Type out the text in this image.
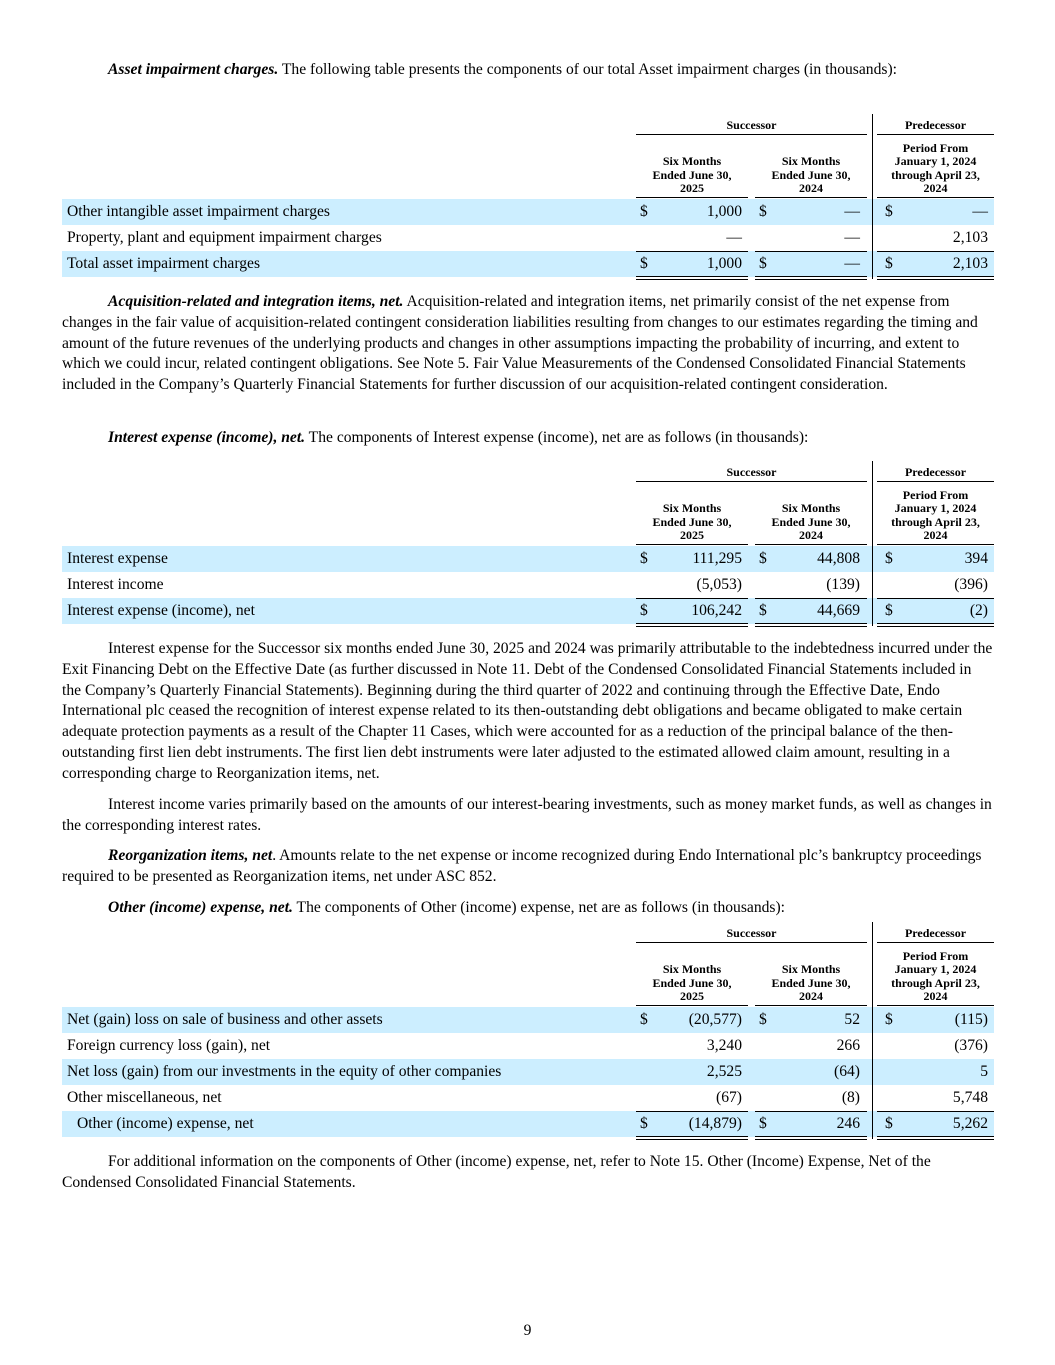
Asset impairment charges. The following table presents the components of our total Asset impairment charges (in thousands):

Successor	Predecessor
Six Months
Ended June 30,
2025
Six Months
Ended June 30,
2024
Period From
January 1, 2024
through April 23,
2024
Other intangible asset impairment charges	$	1,000 $	— $	—
Property, plant and equipment impairment charges	—	—	2,103
Total asset impairment charges	$	1,000 $	— $	2,103

Acquisition-related and integration items, net. Acquisition-related and integration items, net primarily consist of the net expense from changes in the fair value of acquisition-related contingent consideration liabilities resulting from changes to our estimates regarding the timing and amount of the future revenues of the underlying products and changes in other assumptions impacting the probability of incurring, and extent to which we could incur, related contingent obligations. See Note 5. Fair Value Measurements of the Condensed Consolidated Financial Statements included in the Company’s Quarterly Financial Statements for further discussion of our acquisition-related contingent consideration.

Interest expense (income), net. The components of Interest expense (income), net are as follows (in thousands):

Successor	Predecessor
Six Months
Ended June 30,
2025
Six Months
Ended June 30,
2024
Period From
January 1, 2024
through April 23,
2024
Interest expense	$	111,295 $	44,808 $	394
Interest income	(5,053)	(139)	(396)
Interest expense (income), net	$	106,242 $	44,669 $	(2)

Interest expense for the Successor six months ended June 30, 2025 and 2024 was primarily attributable to the indebtedness incurred under the Exit Financing Debt on the Effective Date (as further discussed in Note 11. Debt of the Condensed Consolidated Financial Statements included in the Company’s Quarterly Financial Statements). Beginning during the third quarter of 2022 and continuing through the Effective Date, Endo International plc ceased the recognition of interest expense related to its then-outstanding debt obligations and became obligated to make certain adequate protection payments as a result of the Chapter 11 Cases, which were accounted for as a reduction of the principal balance of the then-outstanding first lien debt instruments. The first lien debt instruments were later adjusted to the estimated allowed claim amount, resulting in a corresponding charge to Reorganization items, net.

Interest income varies primarily based on the amounts of our interest-bearing investments, such as money market funds, as well as changes in the corresponding interest rates.

Reorganization items, net. Amounts relate to the net expense or income recognized during Endo International plc’s bankruptcy proceedings required to be presented as Reorganization items, net under ASC 852.

Other (income) expense, net. The components of Other (income) expense, net are as follows (in thousands):

Successor	Predecessor
Six Months
Ended June 30,
2025
Six Months
Ended June 30,
2024
Period From
January 1, 2024
through April 23,
2024
Net (gain) loss on sale of business and other assets	$	(20,577) $	52 $	(115)
Foreign currency loss (gain), net	3,240	266	(376)
Net loss (gain) from our investments in the equity of other companies	2,525	(64)	5
Other miscellaneous, net	(67)	(8)	5,748
Other (income) expense, net	$	(14,879) $	246 $	5,262

For additional information on the components of Other (income) expense, net, refer to Note 15. Other (Income) Expense, Net of the Condensed Consolidated Financial Statements.

9
